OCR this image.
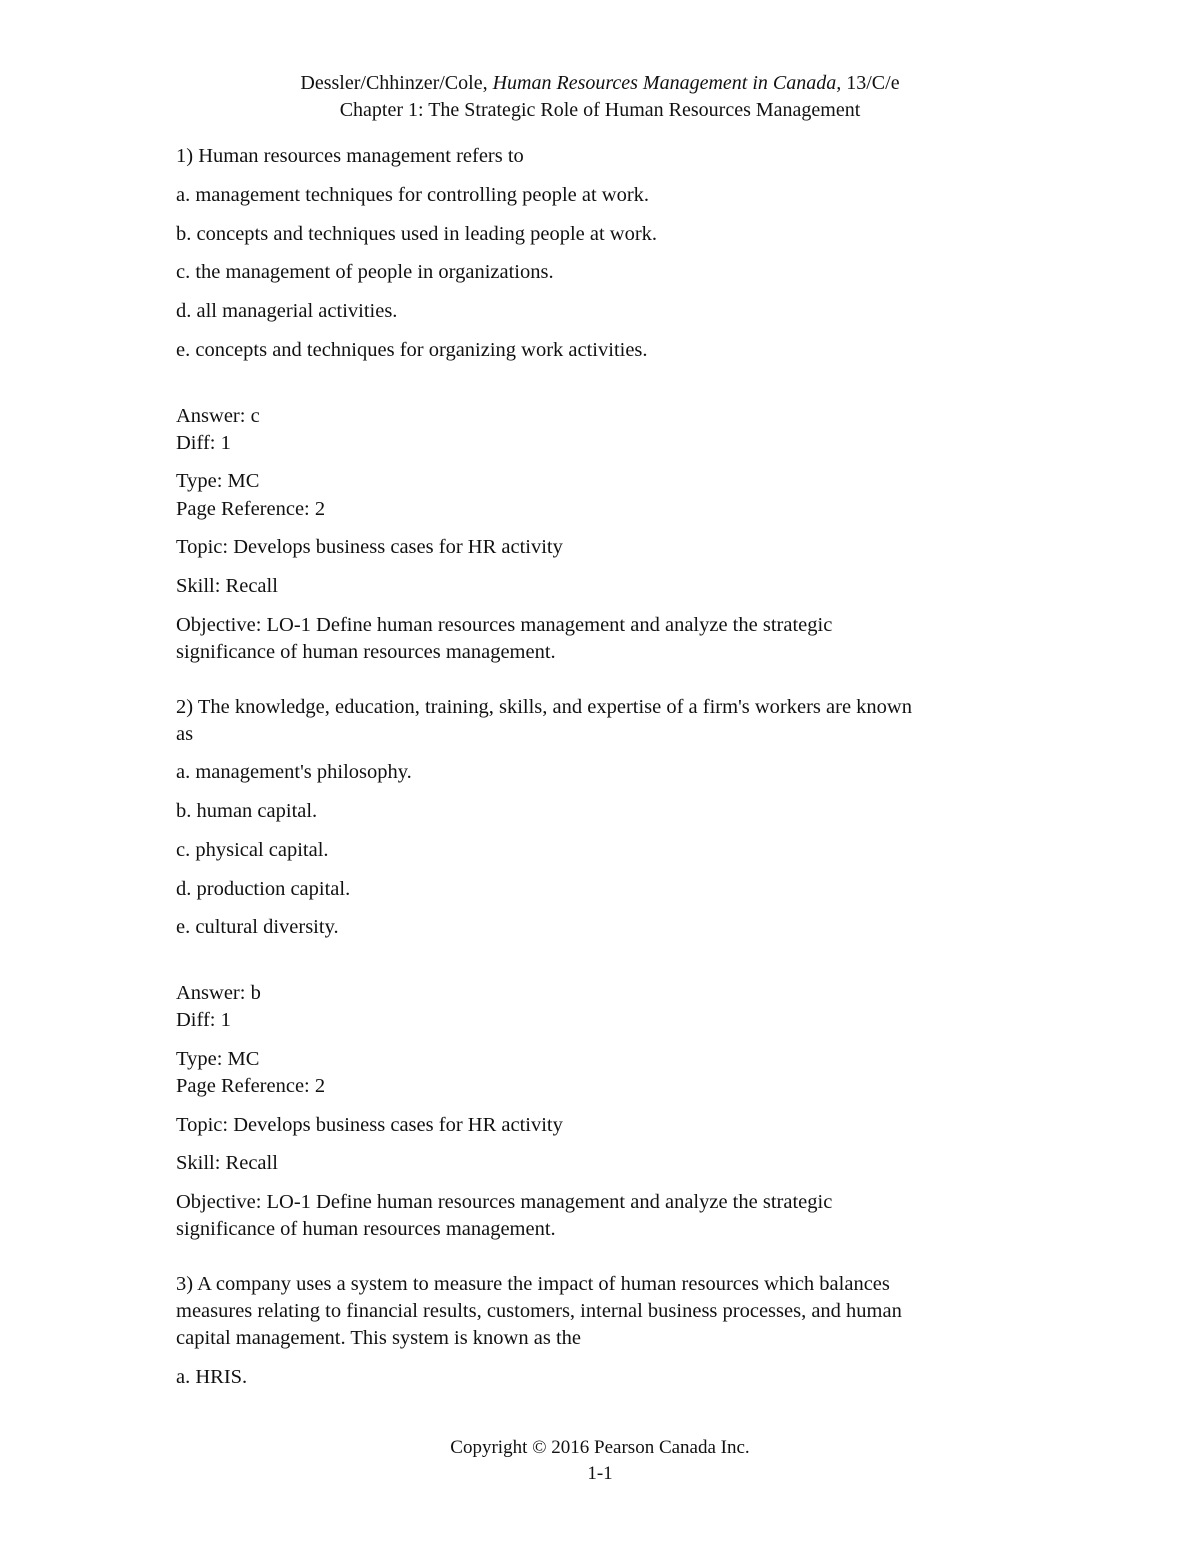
Dessler/Chhinzer/Cole, Human Resources Management in Canada, 13/C/e
Chapter 1: The Strategic Role of Human Resources Management
1) Human resources management refers to
a. management techniques for controlling people at work.
b. concepts and techniques used in leading people at work.
c. the management of people in organizations.
d. all managerial activities.
e. concepts and techniques for organizing work activities.
Answer: c
Diff: 1
Type: MC
Page Reference: 2
Topic: Develops business cases for HR activity
Skill: Recall
Objective: LO-1 Define human resources management and analyze the strategic
significance of human resources management.
2) The knowledge, education, training, skills, and expertise of a firm's workers are known
as
a. management's philosophy.
b. human capital.
c. physical capital.
d. production capital.
e. cultural diversity.
Answer: b
Diff: 1
Type: MC
Page Reference: 2
Topic: Develops business cases for HR activity
Skill: Recall
Objective: LO-1 Define human resources management and analyze the strategic
significance of human resources management.
3) A company uses a system to measure the impact of human resources which balances
measures relating to financial results, customers, internal business processes, and human
capital management. This system is known as the
a. HRIS.
Copyright © 2016 Pearson Canada Inc.
1-1
